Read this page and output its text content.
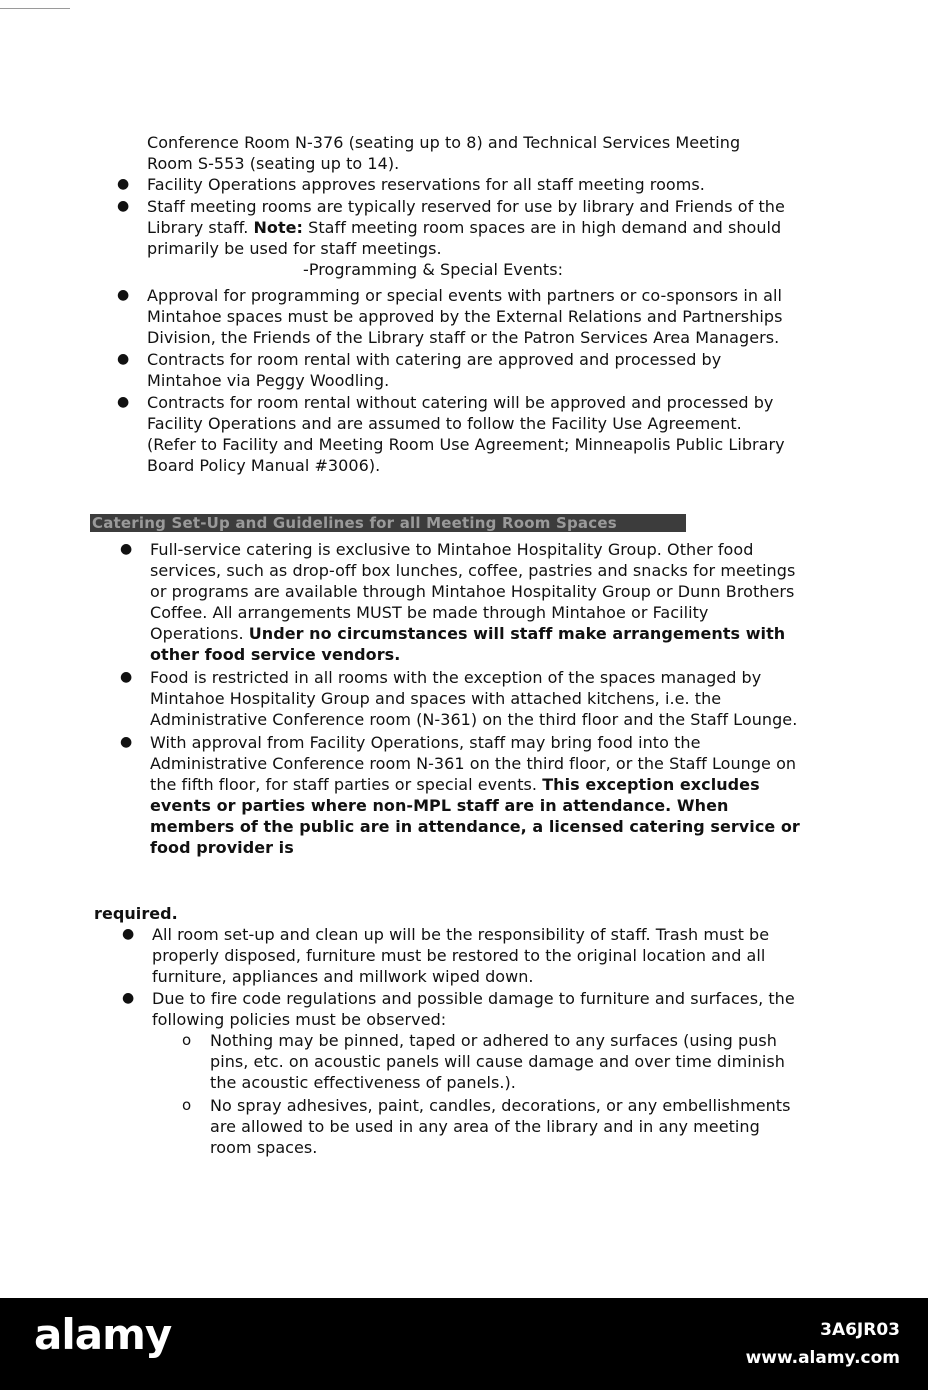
Conference Room N-376 (seating up to 8) and Technical Services Meeting Room S-553 (seating up to 14).
● Facility Operations approves reservations for all staff meeting rooms.
● Staff meeting rooms are typically reserved for use by library and Friends of the Library staff. Note: Staff meeting room spaces are in high demand and should primarily be used for staff meetings.
-Programming & Special Events:
● Approval for programming or special events with partners or co-sponsors in all Mintahoe spaces must be approved by the External Relations and Partnerships Division, the Friends of the Library staff or the Patron Services Area Managers.
● Contracts for room rental with catering are approved and processed by Mintahoe via Peggy Woodling.
● Contracts for room rental without catering will be approved and processed by Facility Operations and are assumed to follow the Facility Use Agreement. (Refer to Facility and Meeting Room Use Agreement; Minneapolis Public Library Board Policy Manual #3006).
Catering Set-Up and Guidelines for all Meeting Room Spaces
● Full-service catering is exclusive to Mintahoe Hospitality Group. Other food services, such as drop-off box lunches, coffee, pastries and snacks for meetings or programs are available through Mintahoe Hospitality Group or Dunn Brothers Coffee. All arrangements MUST be made through Mintahoe or Facility Operations. Under no circumstances will staff make arrangements with other food service vendors.
● Food is restricted in all rooms with the exception of the spaces managed by Mintahoe Hospitality Group and spaces with attached kitchens, i.e. the Administrative Conference room (N-361) on the third floor and the Staff Lounge.
● With approval from Facility Operations, staff may bring food into the Administrative Conference room N-361 on the third floor, or the Staff Lounge on the fifth floor, for staff parties or special events. This exception excludes events or parties where non-MPL staff are in attendance. When members of the public are in attendance, a licensed catering service or food provider is
required.
● All room set-up and clean up will be the responsibility of staff. Trash must be properly disposed, furniture must be restored to the original location and all furniture, appliances and millwork wiped down.
● Due to fire code regulations and possible damage to furniture and surfaces, the following policies must be observed:
o Nothing may be pinned, taped or adhered to any surfaces (using push pins, etc. on acoustic panels will cause damage and over time diminish the acoustic effectiveness of panels.).
o No spray adhesives, paint, candles, decorations, or any embellishments are allowed to be used in any area of the library and in any meeting room spaces.
alamy	3A6JR03
www.alamy.com
